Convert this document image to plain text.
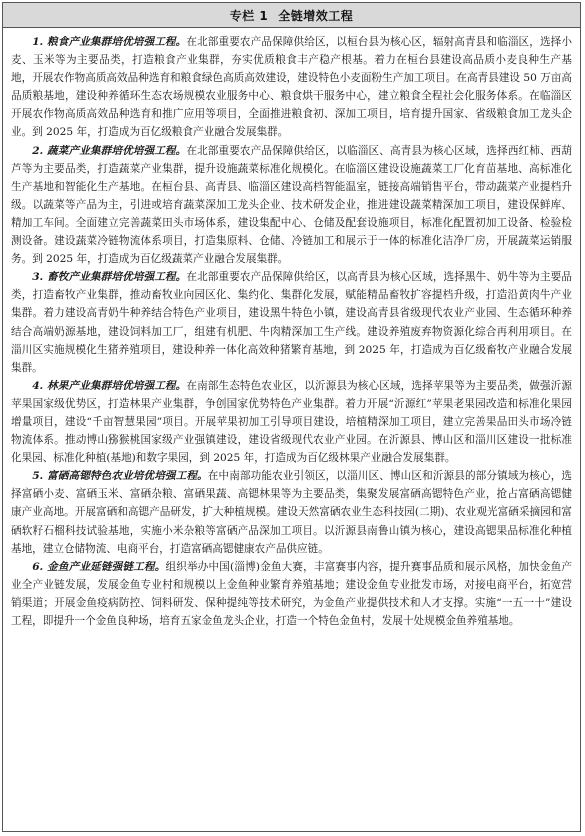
专栏 1 全链增效工程

1. 粮食产业集群培优培强工程。在北部重要农产品保障供给区，以桓台县为核心区，辐射高青县和临淄区，选择小麦、玉米等为主要品类，打造粮食产业集群，夯实优质粮食丰产稳产根基。着力在桓台县建设高品质小麦良种生产基地，开展农作物高质高效品种选育和粮食绿色高质高效建设，建设特色小麦面粉生产加工项目。在高青县建设 50 万亩高品质粮基地，建设种养循环生态农场规模农业服务中心、粮食烘干服务中心，建立粮食全程社会化服务体系。在临淄区开展农作物高质高效品种选育和推广应用等项目，全面推进粮食初、深加工项目，培育提升国家、省级粮食加工龙头企业。到 2025 年，打造成为百亿级粮食产业融合发展集群。

2. 蔬菜产业集群培优培强工程。在北部重要农产品保障供给区，以临淄区、高青县为核心区域，选择西红柿、西葫芦等为主要品类，打造蔬菜产业集群，提升设施蔬菜标准化规模化。在临淄区建设设施蔬菜工厂化育苗基地、高标准化生产基地和智能化生产基地。在桓台县、高青县、临淄区建设高档智能温室，链接高端销售平台，带动蔬菜产业提档升级。以蔬菜等产品为主，引进或培育蔬菜深加工龙头企业、技术研发企业，推进建设蔬菜精深加工项目，建设保鲜库、精加工车间。全面建立完善蔬菜田头市场体系，建设集配中心、仓储及配套设施项目，标准化配置初加工设备、检验检测设备。建设蔬菜冷链物流体系项目，打造集原料、仓储、冷链加工和展示于一体的标准化洁净厂房，开展蔬菜运销服务。到 2025 年，打造成为百亿级蔬菜产业融合发展集群。

3. 畜牧产业集群培优培强工程。在北部重要农产品保障供给区，以高青县为核心区域，选择黑牛、奶牛等为主要品类，打造畜牧产业集群，推动畜牧业向园区化、集约化、集群化发展，赋能精品畜牧扩容提档升级，打造沿黄肉牛产业集群。着力建设高青奶牛种养结合特色产业项目，建设黑牛特色小镇，建设高青县省级现代农业产业园、生态循环种养结合高端奶源基地，建设饲料加工厂，组建有机肥、牛肉精深加工生产线。建设养殖废弃物资源化综合再利用项目。在淄川区实施规模化生猪养殖项目，建设种养一体化高效种猪繁育基地，到 2025 年，打造成为百亿级畜牧产业融合发展集群。

4. 林果产业集群培优培强工程。在南部生态特色农业区，以沂源县为核心区域，选择苹果等为主要品类，做强沂源苹果国家级优势区，打造林果产业集群，争创国家优势特色产业集群。着力开展“沂源红”苹果老果园改造和标准化果园增量项目，建设“千亩智慧果园”项目。开展苹果初加工引导项目建设，培植精深加工项目，建立完善果品田头市场冷链物流体系。推动博山猕猴桃国家级产业强镇建设，建设省级现代农业产业园。在沂源县、博山区和淄川区建设一批标准化果园、标准化种植(基地)和数字果园，到 2025 年，打造成为百亿级林果产业融合发展集群。

5. 富硒高锶特色农业培优培强工程。在中南部功能农业引领区，以淄川区、博山区和沂源县的部分镇域为核心，选择富硒小麦、富硒玉米、富硒杂粮、富硒果蔬、高锶林果等为主要品类，集聚发展富硒高锶特色产业，抢占富硒高锶健康产业高地。开展富硒和高锶产品研发，扩大种植规模。建设天然富硒农业生态科技园(二期)、农业观光富硒采摘园和富硒软籽石榴科技试验基地，实施小米杂粮等富硒产品深加工项目。以沂源县南鲁山镇为核心，建设高锶果品标准化种植基地，建立仓储物流、电商平台，打造富硒高锶健康农产品供应链。

6. 金鱼产业延链强链工程。组织举办中国(淄博)金鱼大赛，丰富赛事内容，提升赛事品质和展示风格，加快金鱼产业全产业链发展，发展金鱼专业村和规模以上金鱼种业繁育养殖基地；建设金鱼专业批发市场，对接电商平台，拓宽营销渠道；开展金鱼疫病防控、饲料研发、保种提纯等技术研究，为金鱼产业提供技术和人才支撑。实施“一五一十”建设工程，即提升一个金鱼良种场，培育五家金鱼龙头企业，打造一个特色金鱼村，发展十处规模金鱼养殖基地。
